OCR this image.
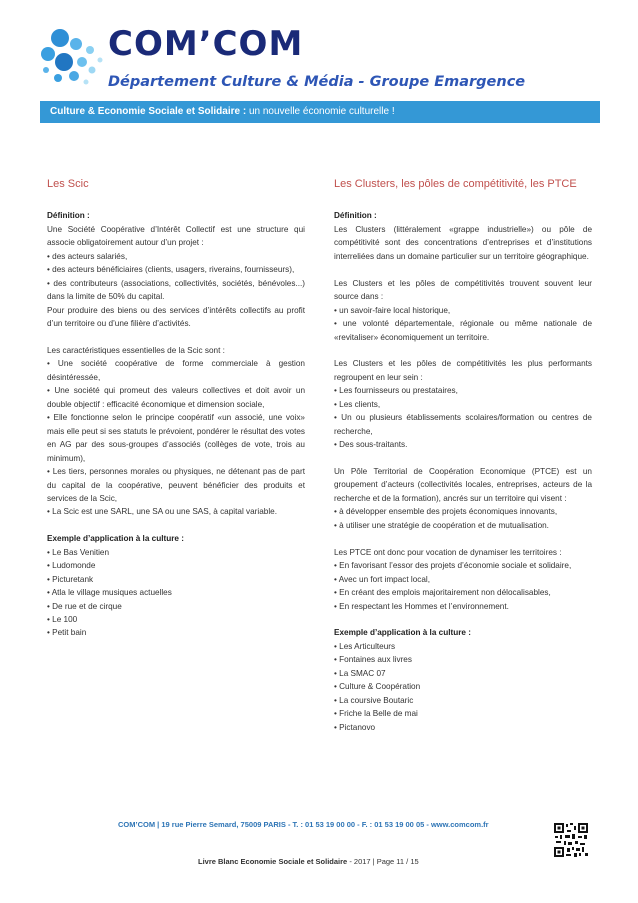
COM’COM
Département Culture & Média - Groupe Emargence
Culture & Economie Sociale et Solidaire : un nouvelle économie culturelle !
Les Scic
Définition :

Une Société Coopérative d’Intérêt Collectif est une structure qui associe obligatoirement autour d’un projet :

• des acteurs salariés,

• des acteurs bénéficiaires (clients, usagers, riverains, fournisseurs),

• des contributeurs (associations, collectivités, sociétés, bénévoles...) dans la limite de 50% du capital.

Pour produire des biens ou des services d’intérêts collectifs au profit d’un territoire ou d’une filière d’activités.

Les caractéristiques essentielles de la Scic sont :

• Une société coopérative de forme commerciale à gestion désintéressée,

• Une société qui promeut des valeurs collectives et doit avoir un double objectif : efficacité économique et dimension sociale,

• Elle fonctionne selon le principe coopératif «un associé, une voix» mais elle peut si ses statuts le prévoient, pondérer le résultat des votes en AG par des sous-groupes d’associés (collèges de vote, trois au minimum),

• Les tiers, personnes morales ou physiques, ne détenant pas de part du capital de la coopérative, peuvent bénéficier des produits et services de la Scic,

• La Scic est une SARL, une SA ou une SAS, à capital variable.

Exemple d’application à la culture :

• Le Bas Venitien

• Ludomonde

• Picturetank

• Atla le village musiques actuelles

• De rue et de cirque

• Le 100

• Petit bain

Les Clusters, les pôles de compétitivité, les PTCE
Définition :

Les Clusters (littéralement «grappe industrielle») ou pôle de compétitivité sont des concentrations d’entreprises et d’institutions interreliées dans un domaine particulier sur un territoire géographique.

Les Clusters et les pôles de compétitivités trouvent souvent leur source dans :

• un savoir-faire local historique,

• une volonté départementale, régionale ou même nationale de «revitaliser» économiquement un territoire.

Les Clusters et les pôles de compétitivités les plus performants regroupent en leur sein :

• Les fournisseurs ou prestataires,

• Les clients,

• Un ou plusieurs établissements scolaires/formation ou centres de recherche,

• Des sous-traitants.

Un Pôle Territorial de Coopération Economique (PTCE) est un groupement d’acteurs (collectivités locales, entreprises, acteurs de la recherche et de la formation), ancrés sur un territoire qui visent :

• à développer ensemble des projets économiques innovants,

• à utiliser une stratégie de coopération et de mutualisation.

Les PTCE ont donc pour vocation de dynamiser les territoires :

• En favorisant l’essor des projets d’économie sociale et solidaire,

• Avec un fort impact local,

• En créant des emplois majoritairement non délocalisables,

• En respectant les Hommes et l’environnement.

Exemple d’application à la culture :

• Les Articulteurs

• Fontaines aux livres

• La SMAC 07

• Culture & Coopération

• La coursive Boutaric

• Friche la Belle de mai

• Pictanovo

COM’COM | 19 rue Pierre Semard, 75009 PARIS - T. : 01 53 19 00 00 - F. : 01 53 19 00 05 - www.comcom.fr
Livre Blanc Economie Sociale et Solidaire - 2017 | Page 11 / 15
